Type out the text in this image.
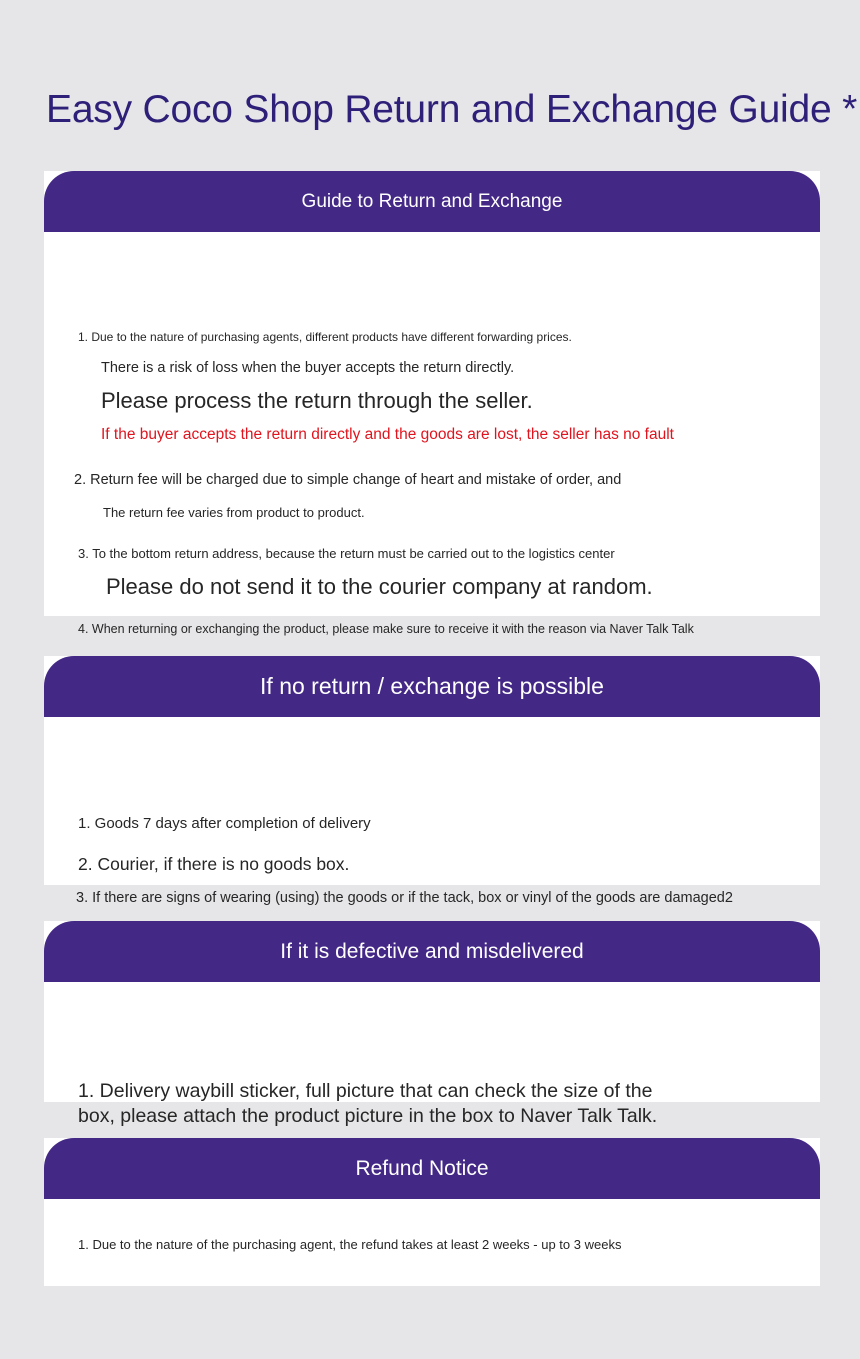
Easy Coco Shop Return and Exchange Guide *
Guide to Return and Exchange
1. Due to the nature of purchasing agents, different products have different forwarding prices.
There is a risk of loss when the buyer accepts the return directly.
Please process the return through the seller.
If the buyer accepts the return directly and the goods are lost, the seller has no fault
2. Return fee will be charged due to simple change of heart and mistake of order, and
The return fee varies from product to product.
3. To the bottom return address, because the return must be carried out to the logistics center
Please do not send it to the courier company at random.
4. When returning or exchanging the product, please make sure to receive it with the reason via Naver Talk Talk
If no return / exchange is possible
1. Goods 7 days after completion of delivery
2. Courier, if there is no goods box.
3. If there are signs of wearing (using) the goods or if the tack, box or vinyl of the goods are damaged2
If it is defective and misdelivered
1. Delivery waybill sticker, full picture that can check the size of the
box, please attach the product picture in the box to Naver Talk Talk.
Refund Notice
1. Due to the nature of the purchasing agent, the refund takes at least 2 weeks - up to 3 weeks
